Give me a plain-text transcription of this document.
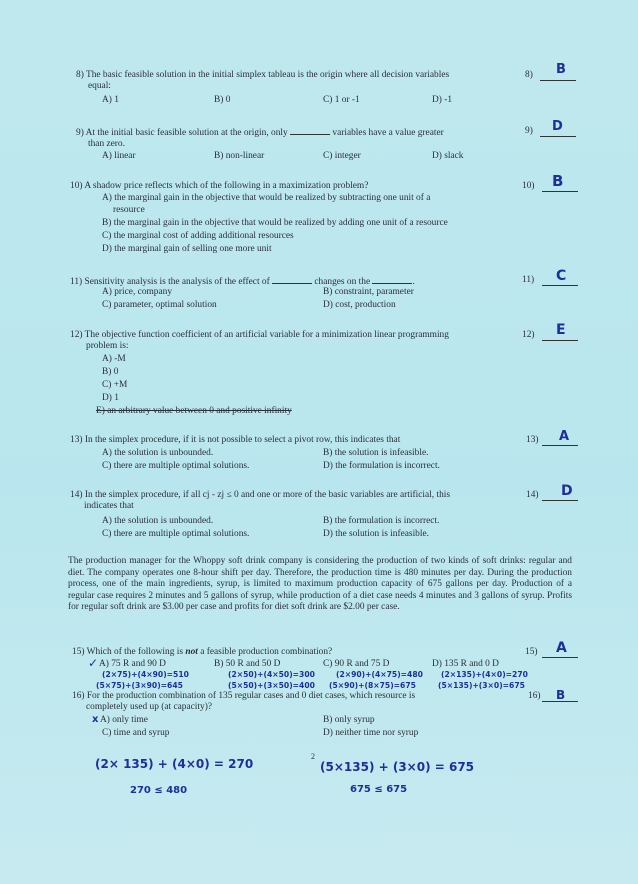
8) The basic feasible solution in the initial simplex tableau is the origin where all decision variables
equal:
A) 1	B) 0	C) 1 or -1	D) -1
8) B
9) At the initial basic feasible solution at the origin, only	variables have a value greater
than zero.
A) linear	B) non-linear	C) integer	D) slack
9) D
10) A shadow price reflects which of the following in a maximization problem?
A) the marginal gain in the objective that would be realized by subtracting one unit of a
resource
B) the marginal gain in the objective that would be realized by adding one unit of a resource
C) the marginal cost of adding additional resources
D) the marginal gain of selling one more unit
10) B
11) Sensitivity analysis is the analysis of the effect of	changes on the	.
A) price, company	B) constraint, parameter
C) parameter, optimal solution	D) cost, production
11) C
12) The objective function coefficient of an artificial variable for a minimization linear programming
problem is:
A) -M
B) 0
C) +M
D) 1
E) an arbitrary value between 0 and positive infinity
12) E
13) In the simplex procedure, if it is not possible to select a pivot row, this indicates that
A) the solution is unbounded.	B) the solution is infeasible.
C) there are multiple optimal solutions.	D) the formulation is incorrect.
13) A
14) In the simplex procedure, if all cj - zj ≤ 0 and one or more of the basic variables are artificial, this
indicates that
A) the solution is unbounded.	B) the formulation is incorrect.
C) there are multiple optimal solutions.	D) the solution is infeasible.
14) D
The production manager for the Whoppy soft drink company is considering the production of two kinds of soft drinks: regular and diet. The company operates one 8-hour shift per day. Therefore, the production time is 480 minutes per day. During the production process, one of the main ingredients, syrup, is limited to maximum production capacity of 675 gallons per day. Production of a regular case requires 2 minutes and 5 gallons of syrup, while production of a diet case needs 4 minutes and 3 gallons of syrup. Profits for regular soft drink are $3.00 per case and profits for diet soft drink are $2.00 per case.
15) Which of the following is not a feasible production combination?
✓ A) 75 R and 90 D	B) 50 R and 50 D	C) 90 R and 75 D	D) 135 R and 0 D
15) A
(2×75)+(4×90)=510	(2×50)+(4×50)=300	(2×90)+(4×75)=480 (2×135)+(4×0)=270
(5×75)+(3×90)=645	(5×50)+(3×50)=400 (5×90)+(8×75)=675	(5×135)+(3×0)=675
16) For the production combination of 135 regular cases and 0 diet cases, which resource is
completely used up (at capacity)?
x A) only time	B) only syrup
C) time and syrup	D) neither time nor syrup
16) B
2
(2× 135) + (4×0) = 270
270 ≤ 480
(5×135) + (3×0) = 675
675 ≤ 675
